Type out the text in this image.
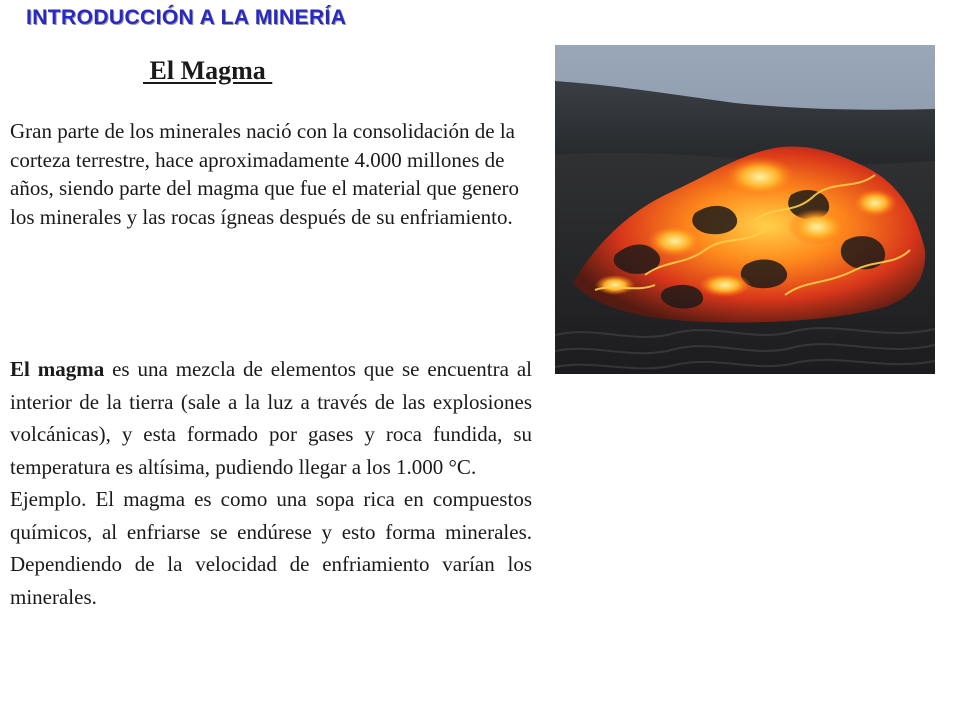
INTRODUCCIÓN A LA MINERÍA
El Magma

Gran parte de los minerales nació con la consolidación de la corteza terrestre, hace aproximadamente 4.000 millones de años, siendo parte del magma que fue el material que genero los minerales y las rocas ígneas después de su enfriamiento.

El magma es una mezcla de elementos que se encuentra al interior de la tierra (sale a la luz a través de las explosiones volcánicas), y esta formado por gases y roca fundida, su temperatura es altísima, pudiendo llegar a los 1.000 °C.

Ejemplo. El magma es como una sopa rica en compuestos químicos, al enfriarse se endúrese y esto forma minerales. Dependiendo de la velocidad de enfriamiento varían los minerales.
